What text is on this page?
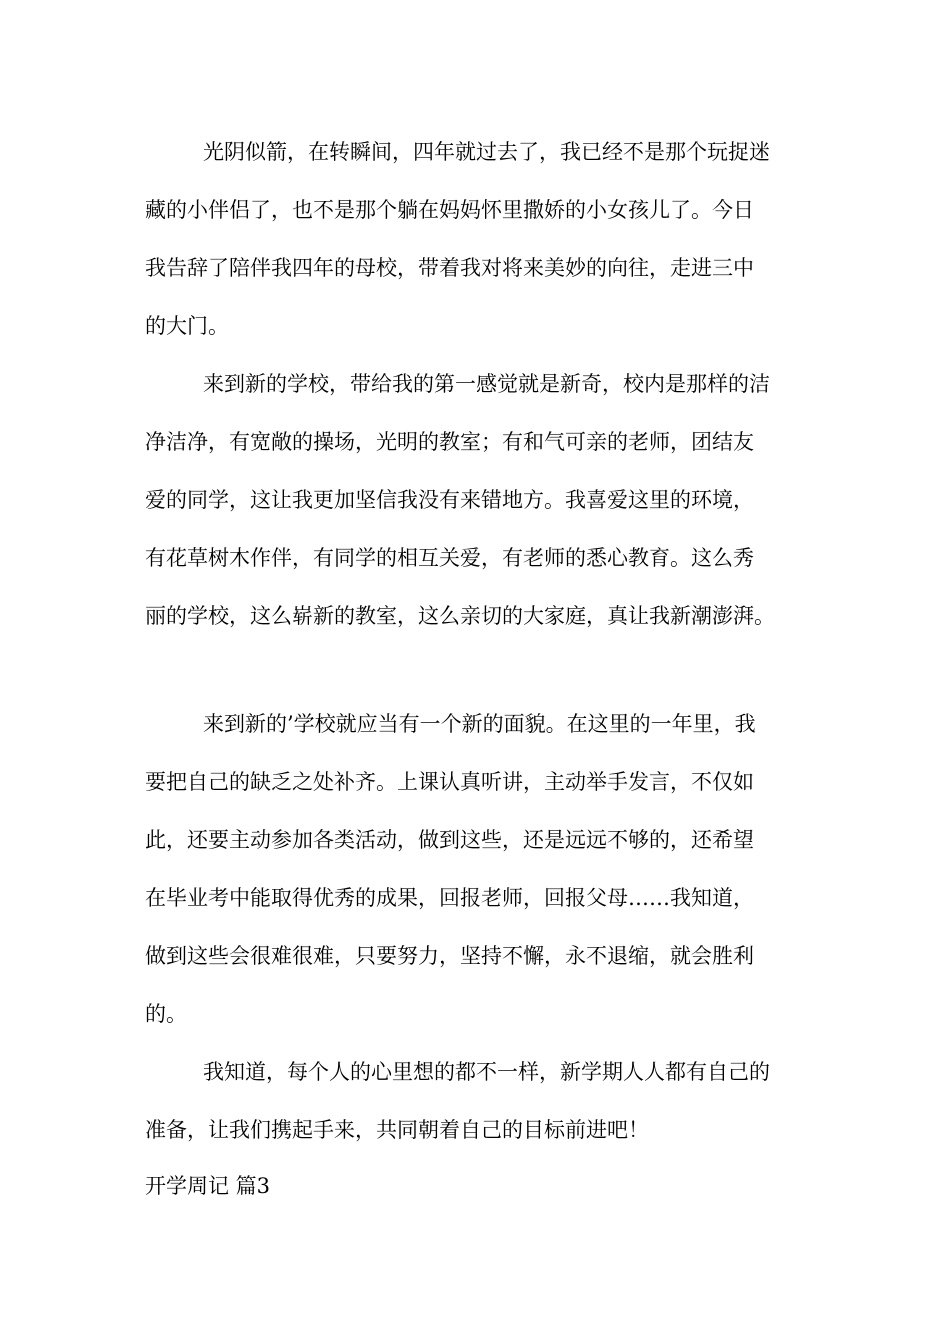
光阴似箭，在转瞬间，四年就过去了，我已经不是那个玩捉迷
藏的小伴侣了，也不是那个躺在妈妈怀里撒娇的小女孩儿了。今日
我告辞了陪伴我四年的母校，带着我对将来美妙的向往，走进三中
的大门。
来到新的学校，带给我的第一感觉就是新奇，校内是那样的洁
净洁净，有宽敞的操场，光明的教室；有和气可亲的老师，团结友
爱的同学，这让我更加坚信我没有来错地方。我喜爱这里的环境，
有花草树木作伴，有同学的相互关爱，有老师的悉心教育。这么秀
丽的学校，这么崭新的教室，这么亲切的大家庭，真让我新潮澎湃。
来到新的’学校就应当有一个新的面貌。在这里的一年里，我
要把自己的缺乏之处补齐。上课认真听讲，主动举手发言，不仅如
此，还要主动参加各类活动，做到这些，还是远远不够的，还希望
在毕业考中能取得优秀的成果，回报老师，回报父母……我知道，
做到这些会很难很难，只要努力，坚持不懈，永不退缩，就会胜利
的。
我知道，每个人的心里想的都不一样，新学期人人都有自己的
准备，让我们携起手来，共同朝着自己的目标前进吧！
开学周记 篇3
